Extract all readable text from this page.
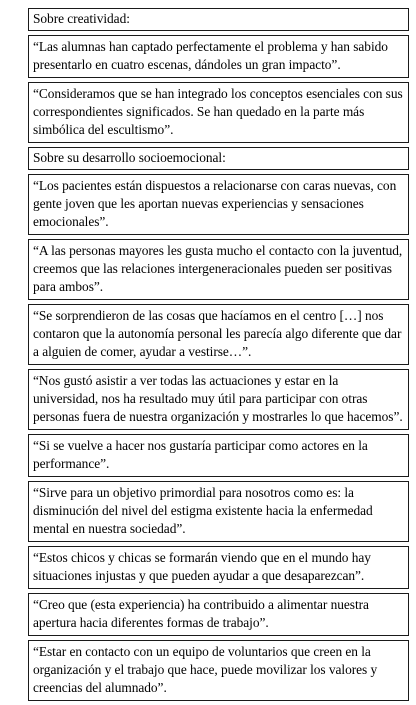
Sobre creatividad:

“Las alumnas han captado perfectamente el problema y han sabido presentarlo en cuatro escenas, dándoles un gran impacto”.

“Consideramos que se han integrado los conceptos esenciales con sus correspondientes significados. Se han quedado en la parte más simbólica del escultismo”.

Sobre su desarrollo socioemocional:

“Los pacientes están dispuestos a relacionarse con caras nuevas, con gente joven que les aportan nuevas experiencias y sensaciones emocionales”.

“A las personas mayores les gusta mucho el contacto con la juventud, creemos que las relaciones intergeneracionales pueden ser positivas para ambos”.

“Se sorprendieron de las cosas que hacíamos en el centro […] nos contaron que la autonomía personal les parecía algo diferente que dar a alguien de comer, ayudar a vestirse…”.

“Nos gustó asistir a ver todas las actuaciones y estar en la universidad, nos ha resultado muy útil para participar con otras personas fuera de nuestra organización y mostrarles lo que hacemos”.

“Si se vuelve a hacer nos gustaría participar como actores en la performance”.

“Sirve para un objetivo primordial para nosotros como es: la disminución del nivel del estigma existente hacia la enfermedad mental en nuestra sociedad”.

“Estos chicos y chicas se formarán viendo que en el mundo hay situaciones injustas y que pueden ayudar a que desaparezcan”.

“Creo que (esta experiencia) ha contribuido a alimentar nuestra apertura hacia diferentes formas de trabajo”.

“Estar en contacto con un equipo de voluntarios que creen en la organización y el trabajo que hace, puede movilizar los valores y creencias del alumnado”.
